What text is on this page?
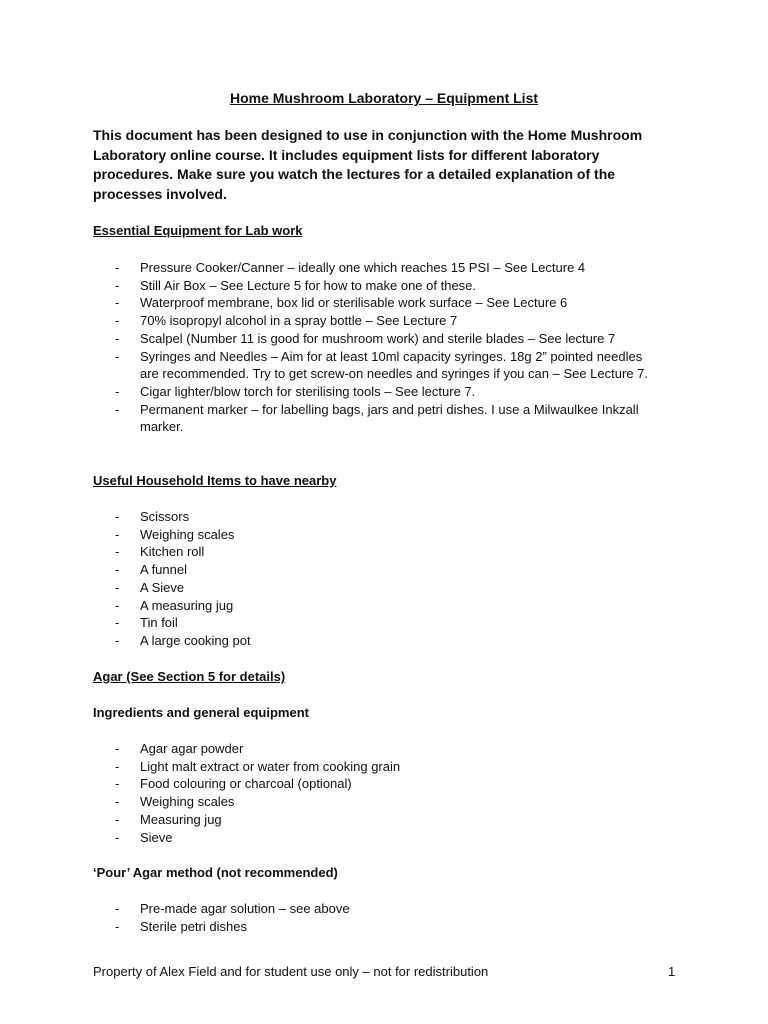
Home Mushroom Laboratory – Equipment List
This document has been designed to use in conjunction with the Home Mushroom Laboratory online course. It includes equipment lists for different laboratory procedures. Make sure you watch the lectures for a detailed explanation of the processes involved.
Essential Equipment for Lab work
- Pressure Cooker/Canner – ideally one which reaches 15 PSI – See Lecture 4
- Still Air Box – See Lecture 5 for how to make one of these.
- Waterproof membrane, box lid or sterilisable work surface – See Lecture 6
- 70% isopropyl alcohol in a spray bottle – See Lecture 7
- Scalpel (Number 11 is good for mushroom work) and sterile blades – See lecture 7
- Syringes and Needles – Aim for at least 10ml capacity syringes. 18g 2” pointed needles are recommended. Try to get screw-on needles and syringes if you can – See Lecture 7.
- Cigar lighter/blow torch for sterilising tools – See lecture 7.
- Permanent marker – for labelling bags, jars and petri dishes. I use a Milwaulkee Inkzall marker.
Useful Household Items to have nearby
- Scissors
- Weighing scales
- Kitchen roll
- A funnel
- A Sieve
- A measuring jug
- Tin foil
- A large cooking pot
Agar (See Section 5 for details)
Ingredients and general equipment
- Agar agar powder
- Light malt extract or water from cooking grain
- Food colouring or charcoal (optional)
- Weighing scales
- Measuring jug
- Sieve
‘Pour’ Agar method (not recommended)
- Pre-made agar solution – see above
- Sterile petri dishes
Property of Alex Field and for student use only – not for redistribution	1
